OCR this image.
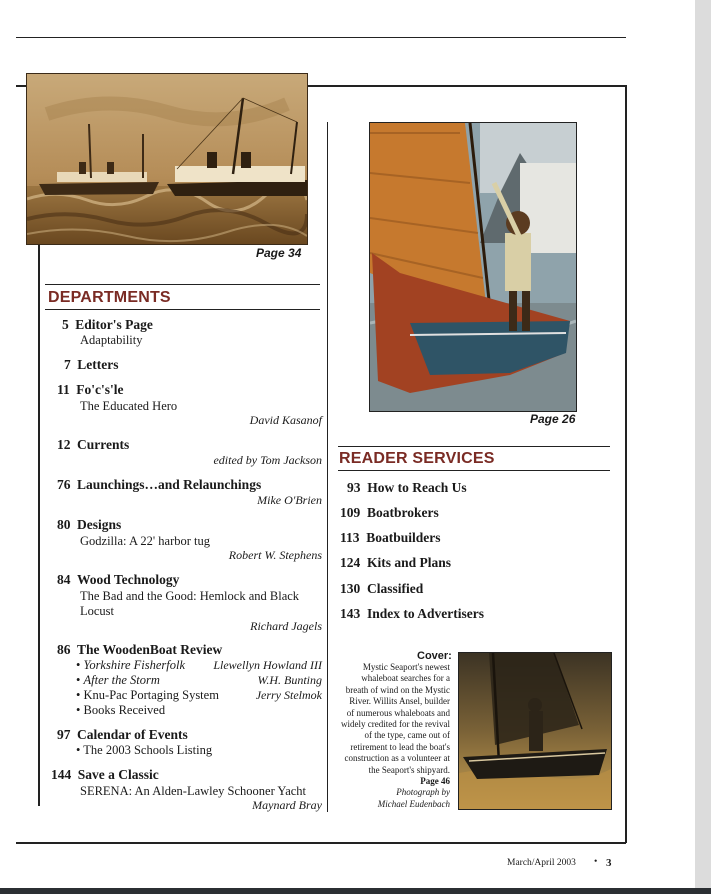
Page 34
Page 26
DEPARTMENTS
5 Editor's Page
Adaptability
7 Letters
11 Fo'c's'le
The Educated Hero
David Kasanof
12 Currents
edited by Tom Jackson
76 Launchings…and Relaunchings
Mike O'Brien
80 Designs
Godzilla: A 22' harbor tug
Robert W. Stephens
84 Wood Technology
The Bad and the Good: Hemlock and Black
Locust
Richard Jagels
86 The WoodenBoat Review
• Yorkshire Fisherfolk Llewellyn Howland III
• After the Storm	W.H. Bunting
• Knu-Pac Portaging System	Jerry Stelmok
• Books Received
97 Calendar of Events
• The 2003 Schools Listing
144 Save a Classic
SERENA: An Alden-Lawley Schooner Yacht
Maynard Bray
READER SERVICES
93 How to Reach Us
109 Boatbrokers
113 Boatbuilders
124 Kits and Plans
130 Classified
143 Index to Advertisers
Cover:
Mystic Seaport's newest
whaleboat searches for a
breath of wind on the Mystic
River. Willits Ansel, builder
of numerous whaleboats and
widely credited for the revival
of the type, came out of
retirement to lead the boat's
construction as a volunteer at
the Seaport's shipyard.
Page 46
Photograph by
Michael Eudenbach
March/April 2003 • 3
